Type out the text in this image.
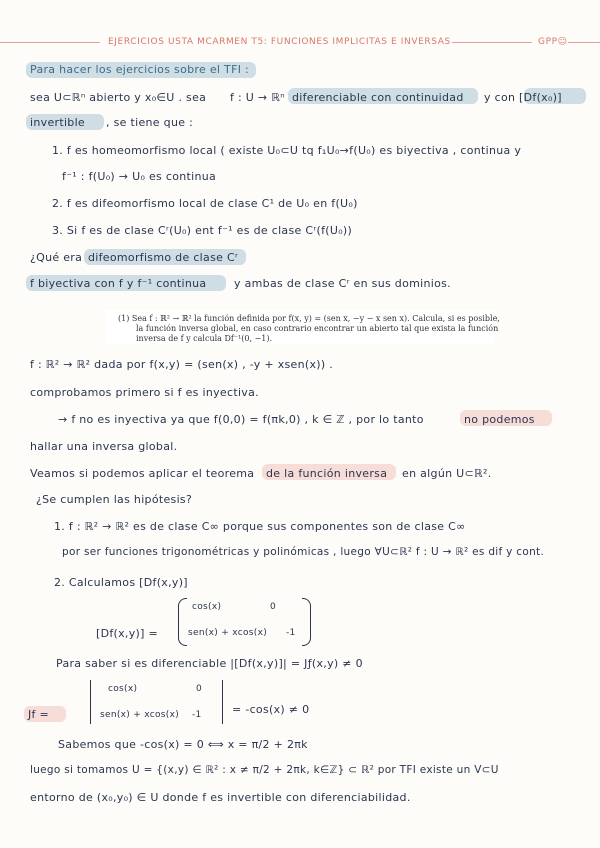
EJERCICIOS USTA MCARMEN T5: FUNCIONES IMPLICITAS E INVERSAS	GPP☺
Para hacer los ejercicios sobre el TFI :
sea U⊂ℝⁿ abierto y x₀∈U . sea f : U → ℝⁿ diferenciable con continuidad y con [Df(x₀)]
invertible , se tiene que :
1. f es homeomorfismo local ( existe U₀⊂U tq f₁U₀→f(U₀) es biyectiva , continua y
f⁻¹ : f(U₀) → U₀ es continua
2. f es difeomorfismo local de clase C¹ de U₀ en f(U₀)
3. Si f es de clase Cʳ(U₀) ent f⁻¹ es de clase Cʳ(f(U₀))
¿Qué era difeomorfismo de clase Cʳ
f biyectiva con f y f⁻¹ continua	y ambas de clase Cʳ en sus dominios.
(1) Sea f : ℝ² → ℝ² la función definida por f(x, y) = (sen x, −y − x sen x). Calcula, si es posible,
la función inversa global, en caso contrario encontrar un abierto tal que exista la función
inversa de f y calcula Df⁻¹(0, −1).
f : ℝ² → ℝ² dada por f(x,y) = (sen(x) , -y + xsen(x)) .
comprobamos primero si f es inyectiva.
→ f no es inyectiva ya que f(0,0) = f(πk,0) , k ∈ ℤ , por lo tanto	no podemos
hallar una inversa global.
Veamos si podemos aplicar el teorema de la función inversa en algún U⊂ℝ².
¿Se cumplen las hipótesis?
1. f : ℝ² → ℝ² es de clase C∞ porque sus componentes son de clase C∞
por ser funciones trigonométricas y polinómicas , luego ∀U⊂ℝ² f : U → ℝ² es dif y cont.
2. Calculamos [Df(x,y)]
[Df(x,y)] =
cos(x)	0
sen(x) + xcos(x) -1
Para saber si es diferenciable |[Df(x,y)]| = Jƒ(x,y) ≠ 0
Jf =
cos(x)	0
sen(x) + xcos(x) -1	= -cos(x) ≠ 0
Sabemos que -cos(x) = 0 ⟺ x = π/2 + 2πk
luego si tomamos U = {(x,y) ∈ ℝ² : x ≠ π/2 + 2πk, k∈ℤ} ⊂ ℝ² por TFI existe un V⊂U
entorno de (x₀,y₀) ∈ U donde f es invertible con diferenciabilidad.
